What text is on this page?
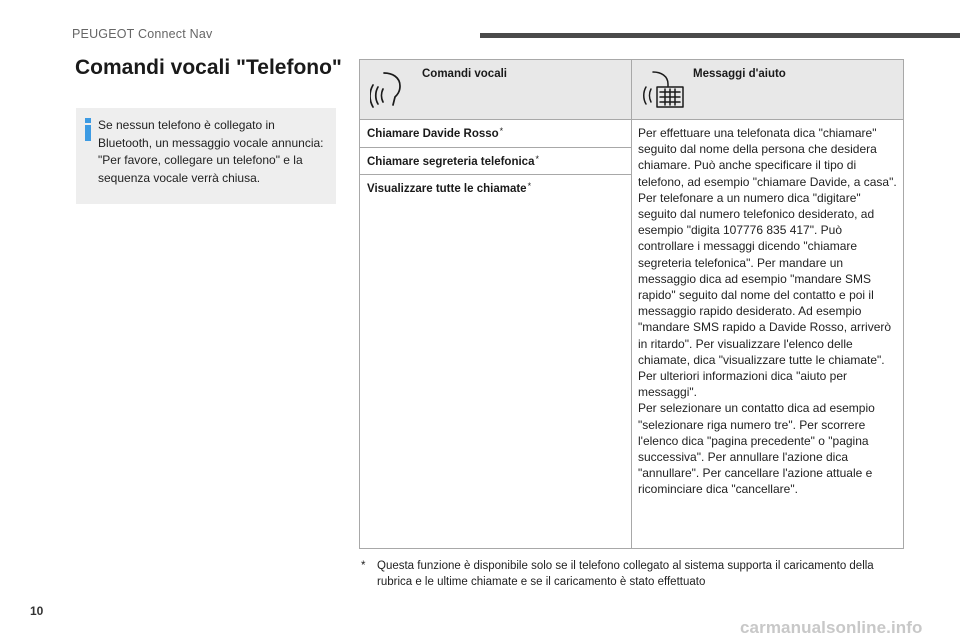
PEUGEOT Connect Nav
Comandi vocali "Telefono"
Se nessun telefono è collegato in Bluetooth, un messaggio vocale annuncia: "Per favore, collegare un telefono" e la sequenza vocale verrà chiusa.
Comandi vocali	Messaggi d'aiuto
Chiamare Davide Rosso*
Chiamare segreteria telefonica*
Visualizzare tutte le chiamate*

Per effettuare una telefonata dica "chiamare" seguito dal nome della persona che desidera chiamare. Può anche specificare il tipo di telefono, ad esempio "chiamare Davide, a casa". Per telefonare a un numero dica "digitare" seguito dal numero telefonico desiderato, ad esempio "digita 107776 835 417". Può controllare i messaggi dicendo "chiamare segreteria telefonica". Per mandare un messaggio dica ad esempio "mandare SMS rapido" seguito dal nome del contatto e poi il messaggio rapido desiderato. Ad esempio "mandare SMS rapido a Davide Rosso, arriverò in ritardo". Per visualizzare l'elenco delle chiamate, dica "visualizzare tutte le chiamate". Per ulteriori informazioni dica "aiuto per messaggi".

Per selezionare un contatto dica ad esempio "selezionare riga numero tre". Per scorrere l'elenco dica "pagina precedente" o "pagina successiva". Per annullare l'azione dica "annullare". Per cancellare l'azione attuale e ricominciare dica "cancellare".

*	Questa funzione è disponibile solo se il telefono collegato al sistema supporta il caricamento della rubrica e le ultime chiamate e se il caricamento è stato effettuato
10
carmanualsonline.info
